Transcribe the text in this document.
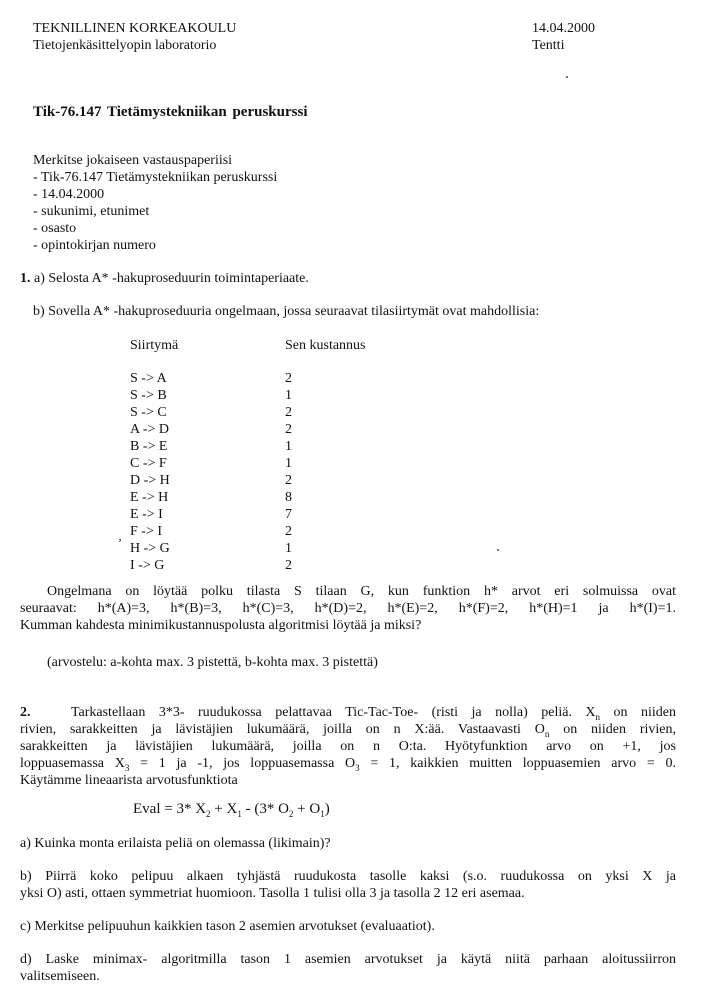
TEKNILLINEN KORKEAKOULU
Tietojenkäsittelyopin laboratorio
14.04.2000
Tentti
Tik-76.147 Tietämystekniikan peruskurssi
Merkitse jokaiseen vastauspaperiisi
- Tik-76.147 Tietämystekniikan peruskurssi
- 14.04.2000
- sukunimi, etunimet
- osasto
- opintokirjan numero
1. a) Selosta A* -hakuproseduurin toimintaperiaate.
b) Sovella A* -hakuproseduuria ongelmaan, jossa seuraavat tilasiirtymät ovat mahdollisia:
Siirtymä	Sen kustannus
S -> A
S -> B
S -> C
A -> D
B -> E
C -> F
D -> H
E -> H
E -> I
F -> I
H -> G
I -> G
ʼ
2
1
2
2
1
1
2
8
7
2
1
2
Ongelmana on löytää polku tilasta S tilaan G, kun funktion h* arvot eri solmuissa ovat
seuraavat: h*(A)=3, h*(B)=3, h*(C)=3, h*(D)=2, h*(E)=2, h*(F)=2, h*(H)=1 ja h*(I)=1.
Kumman kahdesta minimikustannuspolusta algoritmisi löytää ja miksi?
(arvostelu: a-kohta max. 3 pistettä, b-kohta max. 3 pistettä)
2.	Tarkastellaan 3*3- ruudukossa pelattavaa Tic-Tac-Toe- (risti ja nolla) peliä. $X_n$ on niiden
rivien, sarakkeitten ja lävistäjien lukumäärä, joilla on n X:ää. Vastaavasti $O_n$ on niiden rivien,
sarakkeitten ja lävistäjien lukumäärä, joilla on n O:ta. Hyötyfunktion arvo on +1, jos
loppuasemassa $X_3 = 1$ ja -1, jos loppuasemassa $O_3 = 1$, kaikkien muitten loppuasemien arvo = 0.
Käytämme lineaarista arvotusfunktiota
Eval = 3* $X_2 + X_1 - (3*$ $O_2 + O_1$)
a) Kuinka monta erilaista peliä on olemassa (likimain)?
b) Piirrä koko pelipuu alkaen tyhjästä ruudukosta tasolle kaksi (s.o. ruudukossa on yksi X ja
yksi O) asti, ottaen symmetriat huomioon. Tasolla 1 tulisi olla 3 ja tasolla 2 12 eri asemaa.
c) Merkitse pelipuuhun kaikkien tason 2 asemien arvotukset (evaluaatiot).
d) Laske minimax- algoritmilla tason 1 asemien arvotukset ja käytä niitä parhaan aloitussiirron
valitsemiseen.
